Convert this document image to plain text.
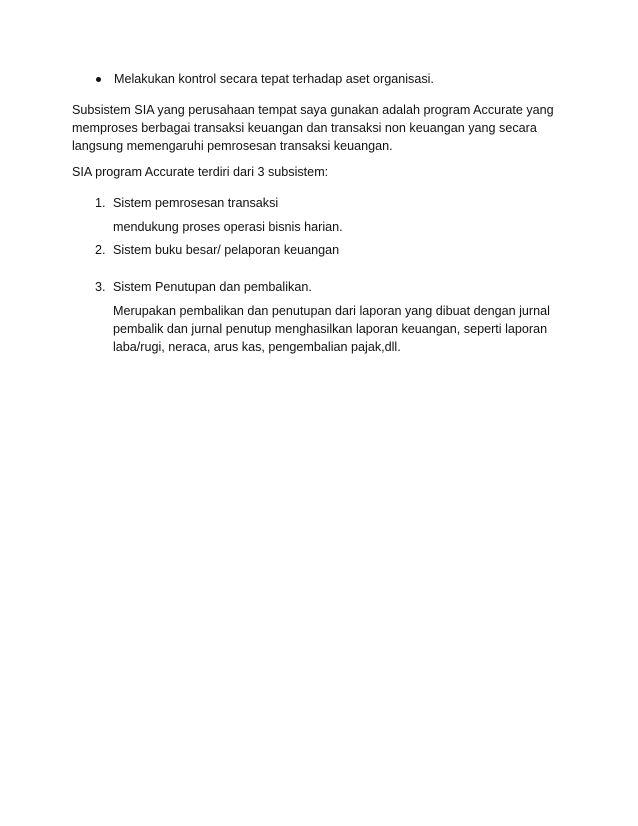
Melakukan kontrol secara tepat terhadap aset organisasi.
Subsistem SIA yang perusahaan tempat saya gunakan adalah program Accurate yang
memproses berbagai transaksi keuangan dan transaksi non keuangan yang secara
langsung memengaruhi pemrosesan transaksi keuangan.
SIA program Accurate terdiri dari 3 subsistem:
1. Sistem pemrosesan transaksi
mendukung proses operasi bisnis harian.
2. Sistem buku besar/ pelaporan keuangan
3. Sistem Penutupan dan pembalikan.
Merupakan pembalikan dan penutupan dari laporan yang dibuat dengan jurnal
pembalik dan jurnal penutup menghasilkan laporan keuangan, seperti laporan
laba/rugi, neraca, arus kas, pengembalian pajak,dll.
